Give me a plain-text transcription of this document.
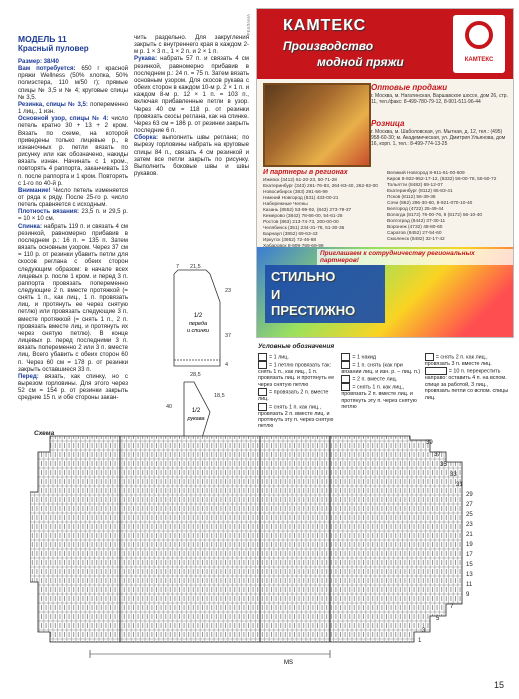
МОДЕЛЬ 11
Красный пуловер
Размер: 38/40
Вам потребуется: 650 г красной пряжи Wellness (50% хлопка, 50% полиэстера, 110 м/50 г); прямые спицы № 3,5 и № 4; круговые спицы № 3,5.
Резинка, спицы № 3,5: попеременно 1 лиц., 1 изн.
Основной узор, спицы № 4: число петель кратно 30 + 13 + 2 кром. Вязать по схеме, на которой приведены только лицевые р., в изнаночных р. петли вязать по рисунку или как обозначено, накиды вязать изнан. Начинать с 1 кром., повторять 4 раппорта, заканчивать 13 п. после раппорта и 1 кром. Повторять с 1-го по 40-й р.
Внимание! Число петель изменяется от ряда к ряду. После 25-го р. число петель сравняется с исходным.
Плотность вязания: 23,5 п. и 29,5 р. = 10 × 10 см.
Спинка: набрать 119 п. и связать 4 см резинкой, равномерно прибавив в последнем р.: 16 п. = 135 п. Затем вязать основным узором. Через 37 см = 110 р. от резинки убавить петли для скосов реглана с обеих сторон следующим образом: в начале всех лицевых р. после 1 кром. и перед 3 п. раппорта провязать попеременно следующие 2 п. вместе протяжкой (= снять 1 п., как лиц., 1 п. провязать лиц. и протянуть ее через снятую петлю) или провязать следующие 3 п. вместе протяжкой (= снять 1 п., 2 п. провязать вместе лиц. и протянуть их через снятую петлю). В конце лицевых р. перед последними 3 п. вязать попеременно 2 или 3 п. вместе лиц. Всего убавить с обеих сторон 60 п. Через 60 см = 178 р. от резинки закрыть оставшиеся 33 п.
Перед: вязать, как спинку, но с вырезом горловины. Для этого через 52 см = 154 р. от резинки закрыть средние 15 п. и обе стороны закан-
чить раздельно. Для закругления закрыть с внутреннего края в каждом 2-м р. 1 × 3 п., 1 × 2 п. и 2 × 1 п.
Рукава: набрать 57 п. и связать 4 см резинкой, равномерно прибавив в последнем р.: 24 п. = 75 п. Затем вязать основным узором. Для скосов рукава с обеих сторон в каждом 10-м р. 2 × 1 п. и каждом 8-м р. 12 × 1 п. = 103 п., включая прибавленные петли в узор. Через 40 см = 118 р. от резинки провязать скосы реглана, как на спинке. Через 63 см = 186 р. от резинки закрыть последние 6 п.
Сборка: выполнить швы реглана; по вырезу горловины набрать на круговые спицы 84 п., связать 4 см резинкой и затем все петли закрыть по рисунку. Выполнить боковые швы и швы рукавов.
1/2
переда
и спинки
7 21,5
23
37
4
28,5
1/2
рукава
40
18,5
КАМТЕКС
Производство
модной пряжи	КАМТЕКС
Оптовые продажи
г. Москва, м. Нагатинская, Варшавское шоссе, дом 26, стр. 11, тел./факс: 8-499-780-79-12, 8-901-511-96-44
Розница
г. Москва, м. Шаболовская, ул. Мытная, д. 12, тел.: (495) 958-60-30; м. Академическая, ул. Дмитрия Ульянова, дом 16, корп. 1, тел.: 8-499-774-13-25
И партнеры в регионах
Ижевск (3412) 51-20-23, 50-71-28
Екатеринбург (343) 261-76-83, 264-83-40, 262-92-00
Новосибирск (383) 291-56-99
Нижний Новгород (831) 433-00-21
Набережные Челны
Казань (8552) 53-99-92, (843) 273-79-37
Кемерово (3842) 78-66-00, 54-61-25
Ростов (863) 213-74-73, 200-00-00
Челябинск (351) 234-31-78, 51-30-35
Барнаул (3852) 69-63-43
Иркутск (3952) 72-46-88
Великий Новгород 8-911-61-00-609
Киров 8-922-952-17-12, (8332) 56-00-78, 56-50-72
Тольятти (8482) 69-12-07
Екатеринбург (8112) 65-83-41
Псков (8112) 56-39-36
Сочи (862) 296-30-60, 8-921-070-10-40
Белгород (4722) 25-49-44
Вологда (8172) 76-00-76, 8 (8172) 56-10-40
Волгоград (8442) 37-30-11
Воронеж (4732) 48-80-60
Саратов (8452) 27-54-60
Смоленск (8482) 32-17-42
Приглашаем к сотрудничеству региональных партнеров!
СТИЛЬНО
И
ПРЕСТИЖНО
РЕКЛАМА
Условные обозначения
= 1 лиц.
= 1 петлю провязать так: снять 1 п., как лиц., 1 п. провязать лиц. и протянуть ее через снятую петлю
= провязать 2 п. вместе лиц.
= снять 1 п. как лиц., провязать 2 п. вместе лиц. и протянуть эту п. через снятую петлю
= 1 накид
= 1 п. снять (как при вязании лиц. и изн. р. – лиц. п.)
= 2 п. вместе лиц.
= снять 1 п. как лиц., провязать 2 п. вместе лиц. и протянуть эту п. через снятую петлю
= снять 2 п. как лиц., провязать 3 п. вместе лиц.
= 10 п. перекрестить направо: оставить 4 п. на вспом. спице за работой, 3 лиц., провязать петли со вспом. спицы лиц.
Схема
MS
39
37
35
33
31
29
27
25
23
21
19
17
15
13
11
9
7
5
3
1
15
